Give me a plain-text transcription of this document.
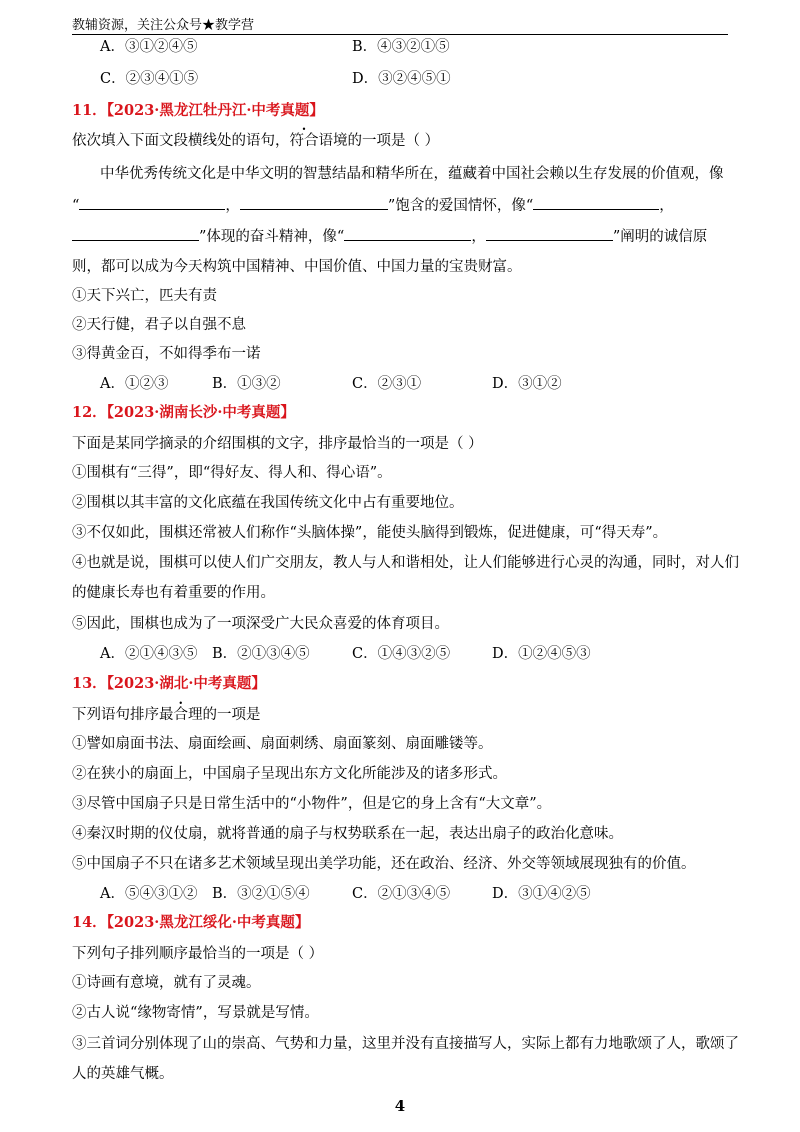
教辅资源，关注公众号★教学营
A．③①②④⑤	B．④③②①⑤
C．②③④①⑤	D．③②④⑤①
11．【2023·黑龙江牡丹江·中考真题】
依次填入下面文段横线处的语句，符合语境的一项是（ ）
中华优秀传统文化是中华文明的智慧结晶和精华所在，蕴藏着中国社会赖以生存发展的价值观，像
“	，	”饱含的爱国情怀，像“	，
”体现的奋斗精神，像“	，	”阐明的诚信原
则，都可以成为今天构筑中国精神、中国价值、中国力量的宝贵财富。
①天下兴亡，匹夫有责
②天行健，君子以自强不息
③得黄金百，不如得季布一诺
A．①②③	B．①③②	C．②③①	D．③①②
12．【2023·湖南长沙·中考真题】
下面是某同学摘录的介绍围棋的文字，排序最恰当的一项是（ ）
①围棋有“三得”，即“得好友、得人和、得心语”。
②围棋以其丰富的文化底蕴在我国传统文化中占有重要地位。
③不仅如此，围棋还常被人们称作“头脑体操”，能使头脑得到锻炼，促进健康，可“得天寿”。
④也就是说，围棋可以使人们广交朋友，教人与人和谐相处，让人们能够进行心灵的沟通，同时，对人们
的健康长寿也有着重要的作用。
⑤因此，围棋也成为了一项深受广大民众喜爱的体育项目。
A．②①④③⑤ B．②①③④⑤	C．①④③②⑤	D．①②④⑤③
13．【2023·湖北·中考真题】
下列语句排序最合理的一项是
①譬如扇面书法、扇面绘画、扇面刺绣、扇面篆刻、扇面雕镂等。
②在狭小的扇面上，中国扇子呈现出东方文化所能涉及的诸多形式。
③尽管中国扇子只是日常生活中的“小物件”，但是它的身上含有“大文章”。
④秦汉时期的仪仗扇，就将普通的扇子与权势联系在一起，表达出扇子的政治化意味。
⑤中国扇子不只在诸多艺术领域呈现出美学功能，还在政治、经济、外交等领域展现独有的价值。
A．⑤④③①② B．③②①⑤④	C．②①③④⑤	D．③①④②⑤
14．【2023·黑龙江绥化·中考真题】
下列句子排列顺序最恰当的一项是（ ）
①诗画有意境，就有了灵魂。
②古人说“缘物寄情”，写景就是写情。
③三首词分别体现了山的崇高、气势和力量，这里并没有直接描写人，实际上都有力地歌颂了人，歌颂了
人的英雄气概。
4
